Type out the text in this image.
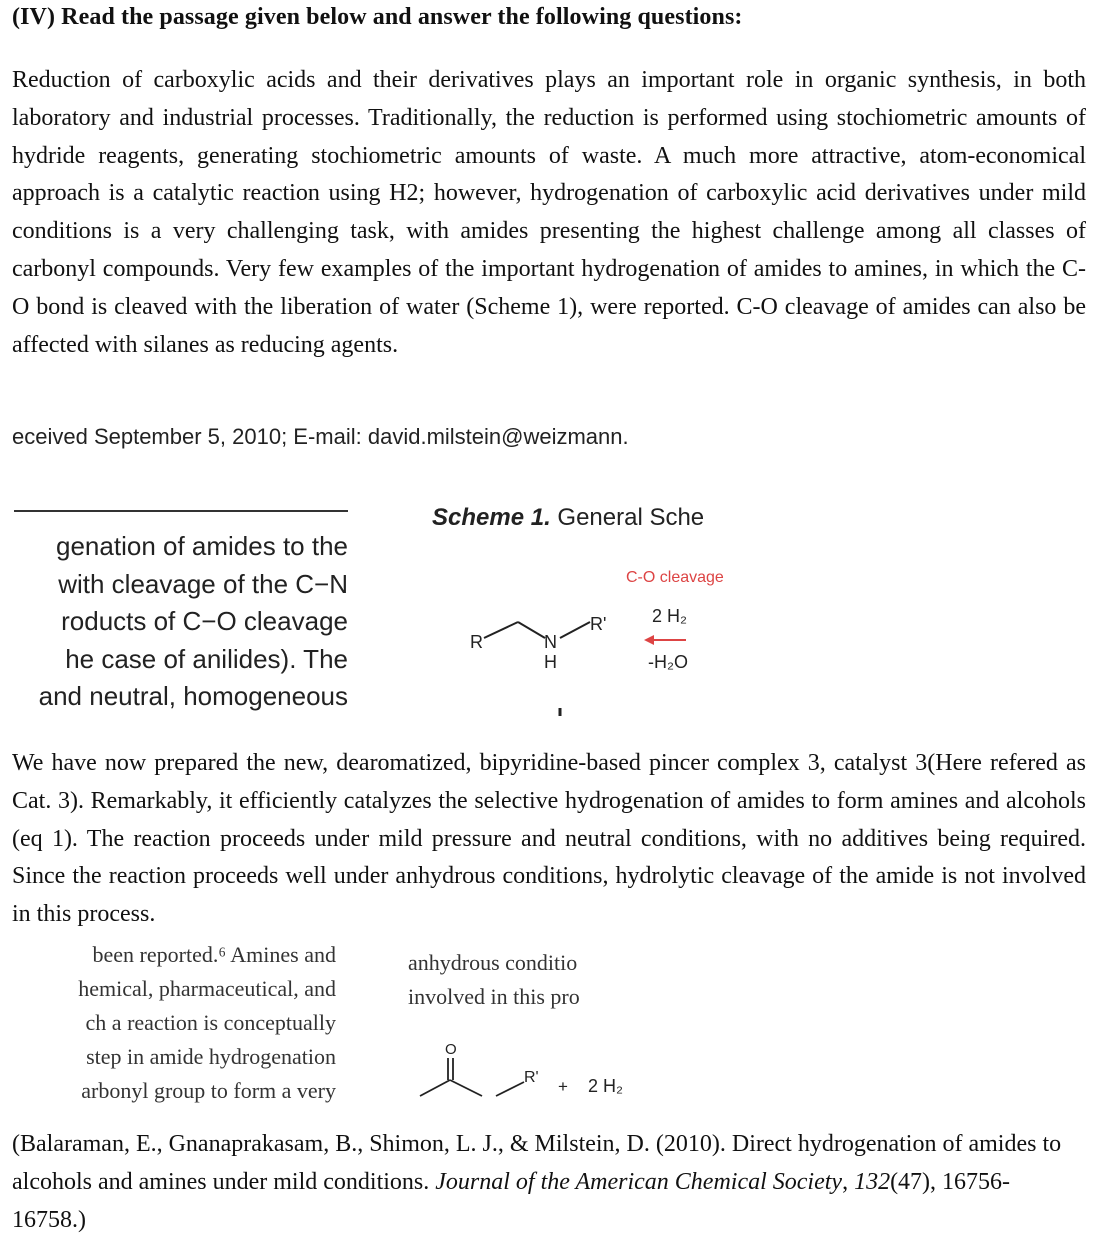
(IV) Read the passage given below and answer the following questions:
Reduction of carboxylic acids and their derivatives plays an important role in organic synthesis, in both laboratory and industrial processes. Traditionally, the reduction is performed using stochiometric amounts of hydride reagents, generating stochiometric amounts of waste. A much more attractive, atom-economical approach is a catalytic reaction using H2; however, hydrogenation of carboxylic acid derivatives under mild conditions is a very challenging task, with amides presenting the highest challenge among all classes of carbonyl compounds. Very few examples of the important hydrogenation of amides to amines, in which the C-O bond is cleaved with the liberation of water (Scheme 1), were reported. C-O cleavage of amides can also be affected with silanes as reducing agents.
eceived September 5, 2010; E-mail: david.milstein@weizmann.
genation of amides to the
with cleavage of the C−N
roducts of C−O cleavage
he case of anilides). The
and neutral, homogeneous
Scheme 1. General Sche
C-O cleavage
R	N
H
R'	2 H₂
-H₂O
We have now prepared the new, dearomatized, bipyridine-based pincer complex 3, catalyst 3(Here refered as Cat. 3). Remarkably, it efficiently catalyzes the selective hydrogenation of amides to form amines and alcohols (eq 1). The reaction proceeds under mild pressure and neutral conditions, with no additives being required. Since the reaction proceeds well under anhydrous conditions, hydrolytic cleavage of the amide is not involved in this process.
been reported.⁶ Amines and
hemical, pharmaceutical, and
ch a reaction is conceptually
step in amide hydrogenation
arbonyl group to form a very
anhydrous conditio
involved in this pro
O
R' + 2 H₂
(Balaraman, E., Gnanaprakasam, B., Shimon, L. J., & Milstein, D. (2010). Direct hydrogenation of amides to alcohols and amines under mild conditions. Journal of the American Chemical Society, 132(47), 16756-16758.)
